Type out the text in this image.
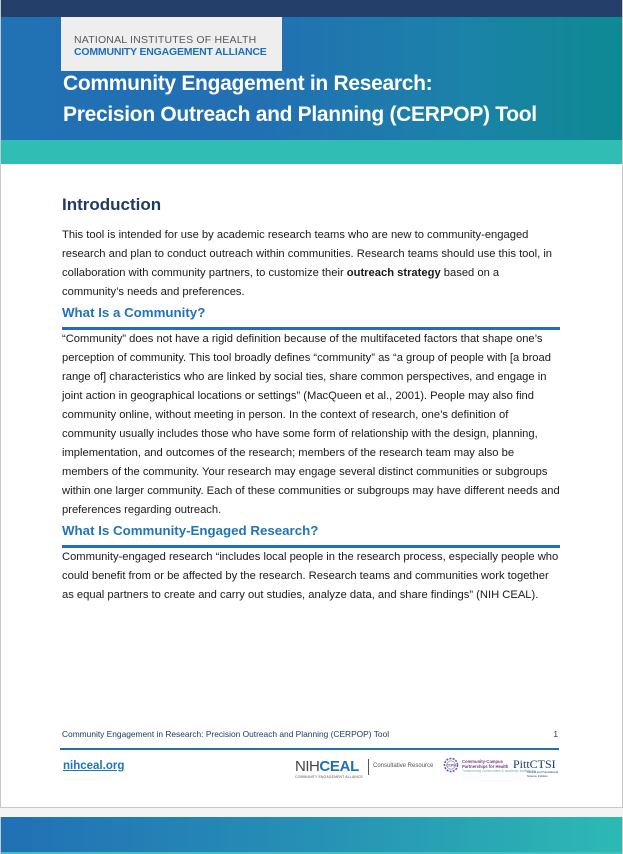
NATIONAL INSTITUTES OF HEALTH
COMMUNITY ENGAGEMENT ALLIANCE
Community Engagement in Research:
Precision Outreach and Planning (CERPOP) Tool
Introduction

This tool is intended for use by academic research teams who are new to community-engaged research and plan to conduct outreach within communities. Research teams should use this tool, in collaboration with community partners, to customize their outreach strategy based on a community’s needs and preferences.

What Is a Community?

“Community” does not have a rigid definition because of the multifaceted factors that shape one’s perception of community. This tool broadly defines “community” as “a group of people with [a broad range of] characteristics who are linked by social ties, share common perspectives, and engage in joint action in geographical locations or settings” (MacQueen et al., 2001). People may also find community online, without meeting in person. In the context of research, one’s definition of community usually includes those who have some form of relationship with the design, planning, implementation, and outcomes of the research; members of the research team may also be members of the community. Your research may engage several distinct communities or subgroups within one larger community. Each of these communities or subgroups may have different needs and preferences regarding outreach.

What Is Community-Engaged Research?

Community-engaged research “includes local people in the research process, especially people who could benefit from or be affected by the research. Research teams and communities work together as equal partners to create and carry out studies, analyze data, and share findings” (NIH CEAL).

Community Engagement in Research: Precision Outreach and Planning (CERPOP) Tool	1
nihceal.org	NIHCEAL
COMMUNITY ENGAGEMENT ALLIANCE
Consultative Resource	CCPH
Community-Campus
Partnerships for Health
Transforming communities & academic institutions
PittCTSI
Clinical and Translational
Science Institute
